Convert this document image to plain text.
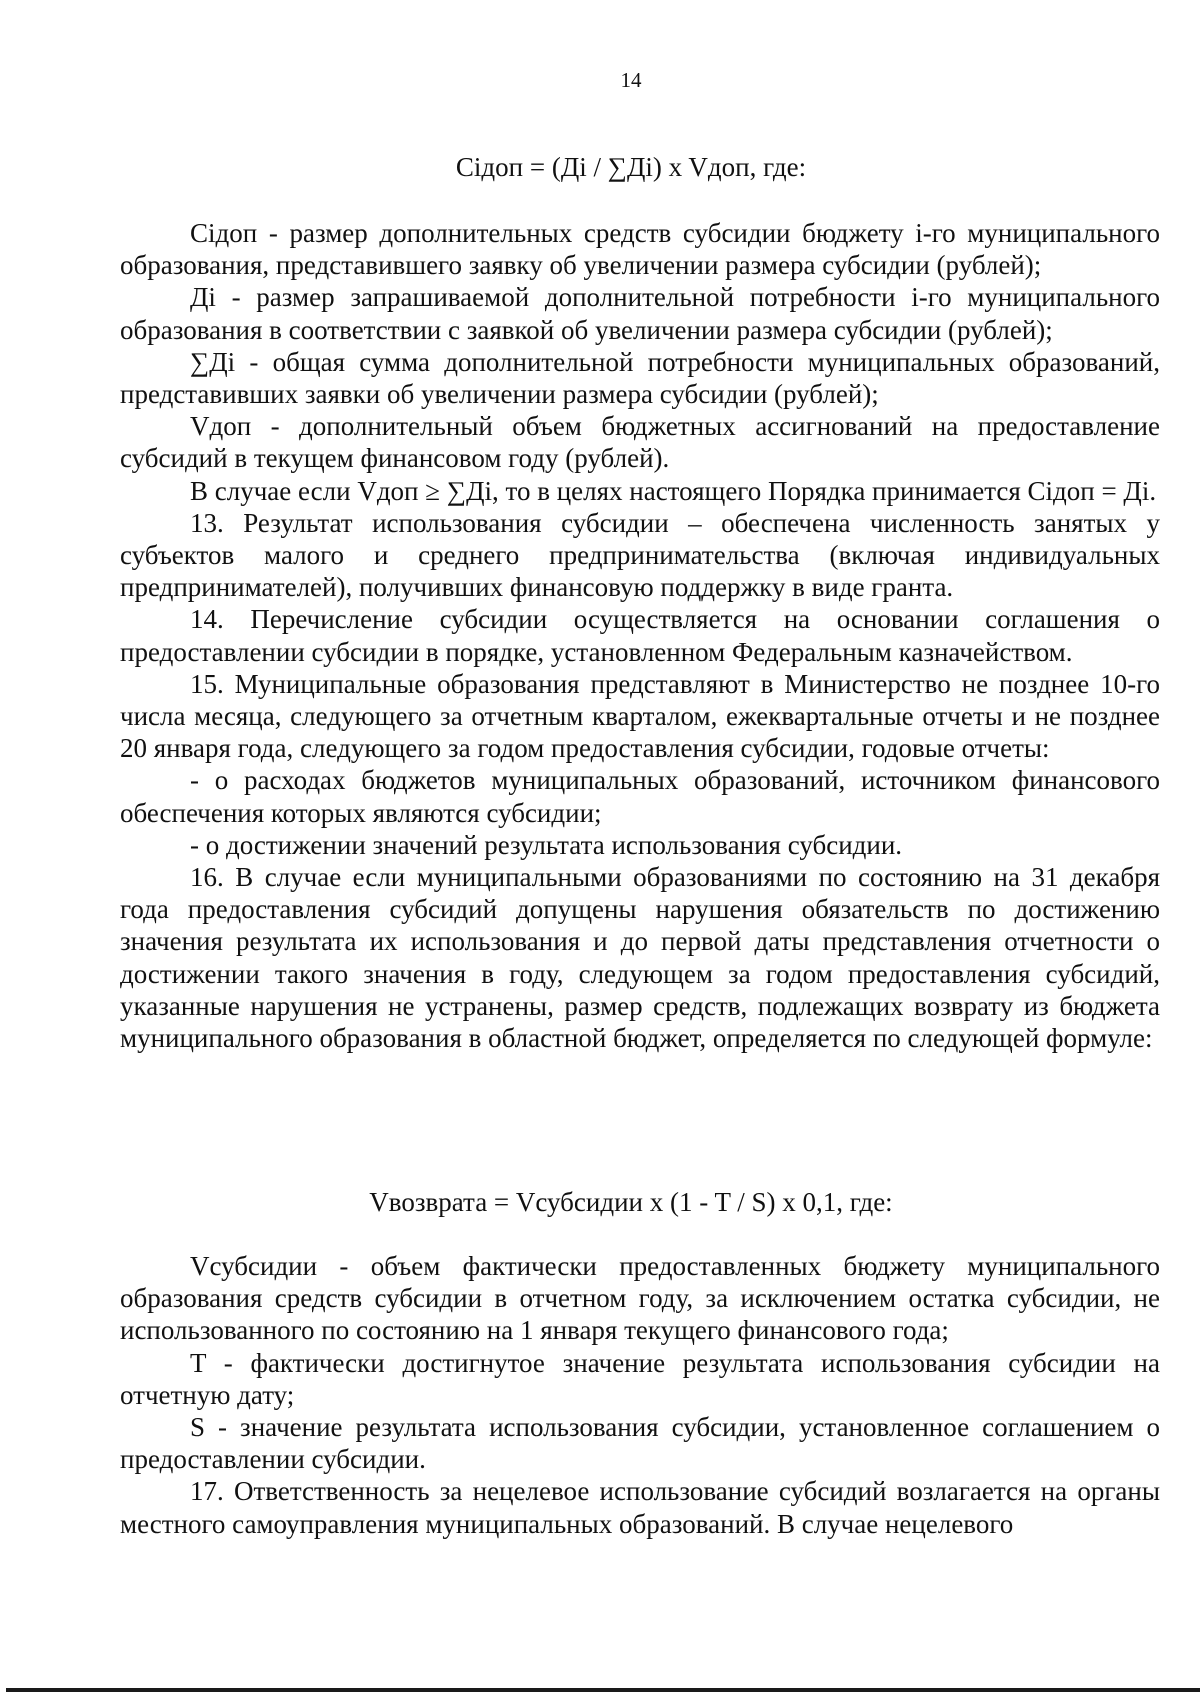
14
Cідоп = (Дi / ∑Дi) x Vдоп, где:

Сiдоп - размер дополнительных средств субсидии бюджету i-го муниципального образования, представившего заявку об увеличении размера субсидии (рублей);

Дi - размер запрашиваемой дополнительной потребности i-го муниципального образования в соответствии с заявкой об увеличении размера субсидии (рублей);

∑Дi - общая сумма дополнительной потребности муниципальных образований, представивших заявки об увеличении размера субсидии (рублей);

Vдоп - дополнительный объем бюджетных ассигнований на предоставление субсидий в текущем финансовом году (рублей).

В случае если Vдоп ≥ ∑Дi, то в целях настоящего Порядка принимается Сiдоп = Дi.

13. Результат использования субсидии – обеспечена численность занятых у субъектов малого и среднего предпринимательства (включая индивидуальных предпринимателей), получивших финансовую поддержку в виде гранта.

14. Перечисление субсидии осуществляется на основании соглашения о предоставлении субсидии в порядке, установленном Федеральным казначейством.

15. Муниципальные образования представляют в Министерство не позднее 10-го числа месяца, следующего за отчетным кварталом, ежеквартальные отчеты и не позднее 20 января года, следующего за годом предоставления субсидии, годовые отчеты:

- о расходах бюджетов муниципальных образований, источником финансового обеспечения которых являются субсидии;

- о достижении значений результата использования субсидии.

16. В случае если муниципальными образованиями по состоянию на 31 декабря года предоставления субсидий допущены нарушения обязательств по достижению значения результата их использования и до первой даты представления отчетности о достижении такого значения в году, следующем за годом предоставления субсидий, указанные нарушения не устранены, размер средств, подлежащих возврату из бюджета муниципального образования в областной бюджет, определяется по следующей формуле:

Vвозврата = Vсубсидии x (1 - T / S) x 0,1, где:

Vсубсидии - объем фактически предоставленных бюджету муниципального образования средств субсидии в отчетном году, за исключением остатка субсидии, не использованного по состоянию на 1 января текущего финансового года;

T - фактически достигнутое значение результата использования субсидии на отчетную дату;

S - значение результата использования субсидии, установленное соглашением о предоставлении субсидии.

17. Ответственность за нецелевое использование субсидий возлагается на органы местного самоуправления муниципальных образований. В случае нецелевого
